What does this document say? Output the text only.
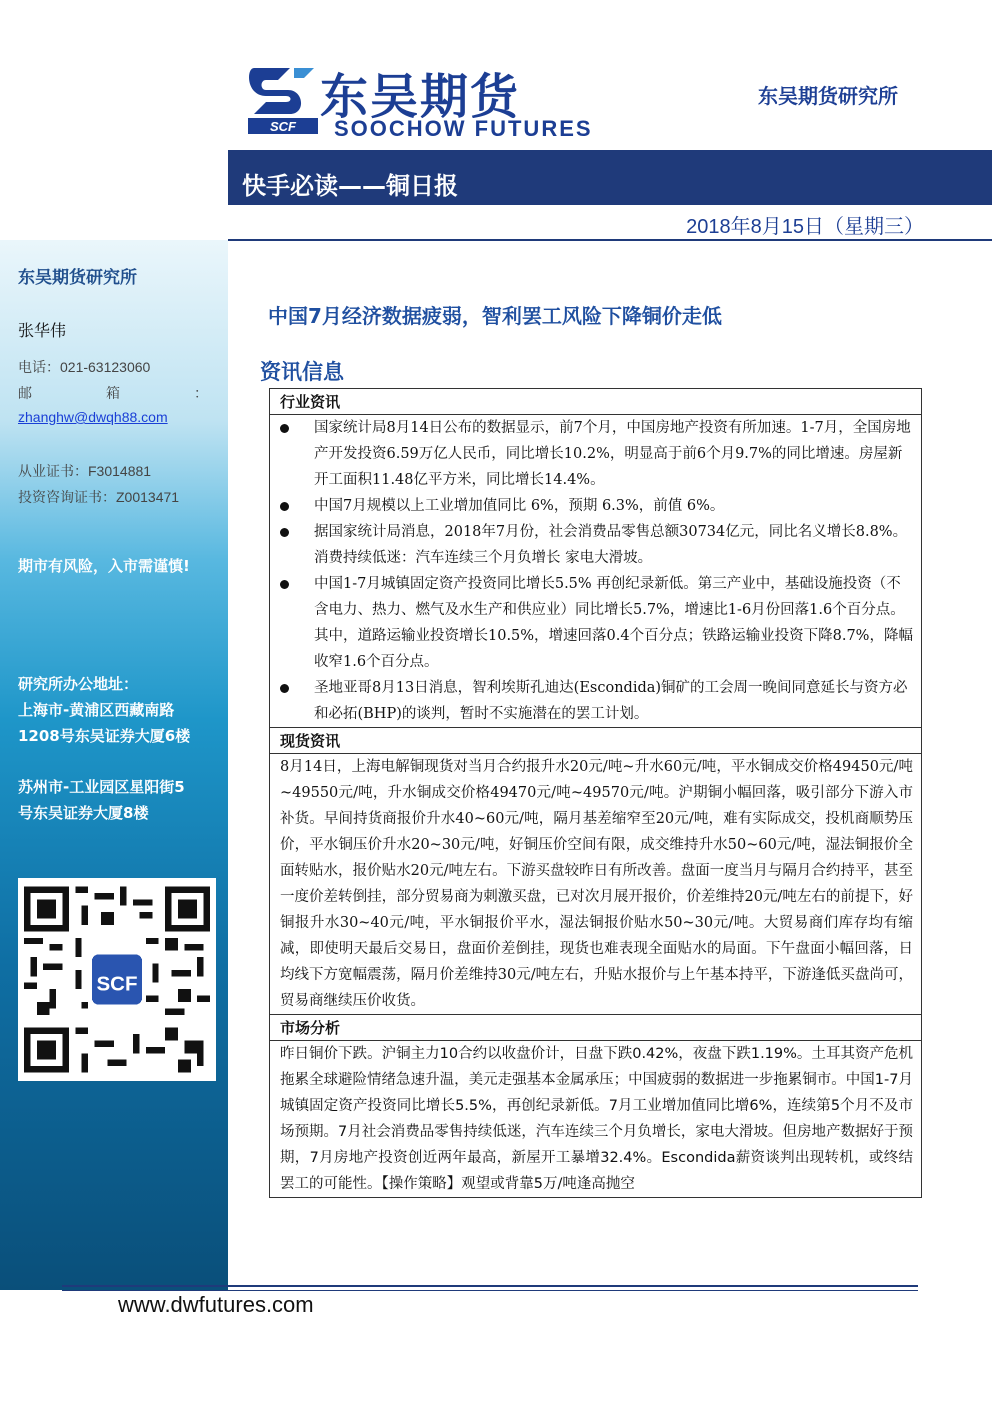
东吴期货研究所
张华伟
电话：021-63123060
邮	箱	：
zhanghw@dwqh88.com
从业证书：F3014881
投资咨询证书：Z0013471
期市有风险，入市需谨慎!
研究所办公地址：
上海市-黄浦区西藏南路
1208号东吴证券大厦6楼
苏州市-工业园区星阳街5
号东吴证券大厦8楼
SCF
SCF
东吴期货
SOOCHOW FUTURES
东吴期货研究所
快手必读——铜日报
2018年8月15日（星期三）
中国7月经济数据疲弱，智利罢工风险下降铜价走低
资讯信息
行业资讯
国家统计局8月14日公布的数据显示，前7个月，中国房地产投资有所加速。1-7月，全国房地产开发投资6.59万亿人民币，同比增长10.2%，明显高于前6个月9.7%的同比增速。房屋新开工面积11.48亿平方米，同比增长14.4%。
中国7月规模以上工业增加值同比 6%，预期 6.3%，前值 6%。
据国家统计局消息，2018年7月份，社会消费品零售总额30734亿元，同比名义增长8.8%。消费持续低迷：汽车连续三个月负增长 家电大滑坡。
中国1-7月城镇固定资产投资同比增长5.5% 再创纪录新低。第三产业中，基础设施投资（不含电力、热力、燃气及水生产和供应业）同比增长5.7%，增速比1-6月份回落1.6个百分点。其中，道路运输业投资增长10.5%，增速回落0.4个百分点；铁路运输业投资下降8.7%，降幅收窄1.6个百分点。
圣地亚哥8月13日消息，智利埃斯孔迪达(Escondida)铜矿的工会周一晚间同意延长与资方必和必拓(BHP)的谈判，暂时不实施潜在的罢工计划。
现货资讯
8月14日，上海电解铜现货对当月合约报升水20元/吨~升水60元/吨，平水铜成交价格49450元/吨~49550元/吨，升水铜成交价格49470元/吨~49570元/吨。沪期铜小幅回落，吸引部分下游入市补货。早间持货商报价升水40~60元/吨，隔月基差缩窄至20元/吨，难有实际成交，投机商顺势压价，平水铜压价升水20~30元/吨，好铜压价空间有限，成交维持升水50~60元/吨，湿法铜报价全面转贴水，报价贴水20元/吨左右。下游买盘较昨日有所改善。盘面一度当月与隔月合约持平，甚至一度价差转倒挂，部分贸易商为刺激买盘，已对次月展开报价，价差维持20元/吨左右的前提下，好铜报升水30~40元/吨，平水铜报价平水，湿法铜报价贴水50~30元/吨。大贸易商们库存均有缩减，即使明天最后交易日，盘面价差倒挂，现货也难表现全面贴水的局面。下午盘面小幅回落，日均线下方宽幅震荡，隔月价差维持30元/吨左右，升贴水报价与上午基本持平，下游逢低买盘尚可，贸易商继续压价收货。
市场分析
昨日铜价下跌。沪铜主力10合约以收盘价计，日盘下跌0.42%，夜盘下跌1.19%。土耳其资产危机拖累全球避险情绪急速升温，美元走强基本金属承压；中国疲弱的数据进一步拖累铜市。中国1-7月城镇固定资产投资同比增长5.5%，再创纪录新低。7月工业增加值同比增6%，连续第5个月不及市场预期。7月社会消费品零售持续低迷，汽车连续三个月负增长，家电大滑坡。但房地产数据好于预期，7月房地产投资创近两年最高，新屋开工暴增32.4%。Escondida薪资谈判出现转机，或终结罢工的可能性。【操作策略】观望或背靠5万/吨逢高抛空
www.dwfutures.com
